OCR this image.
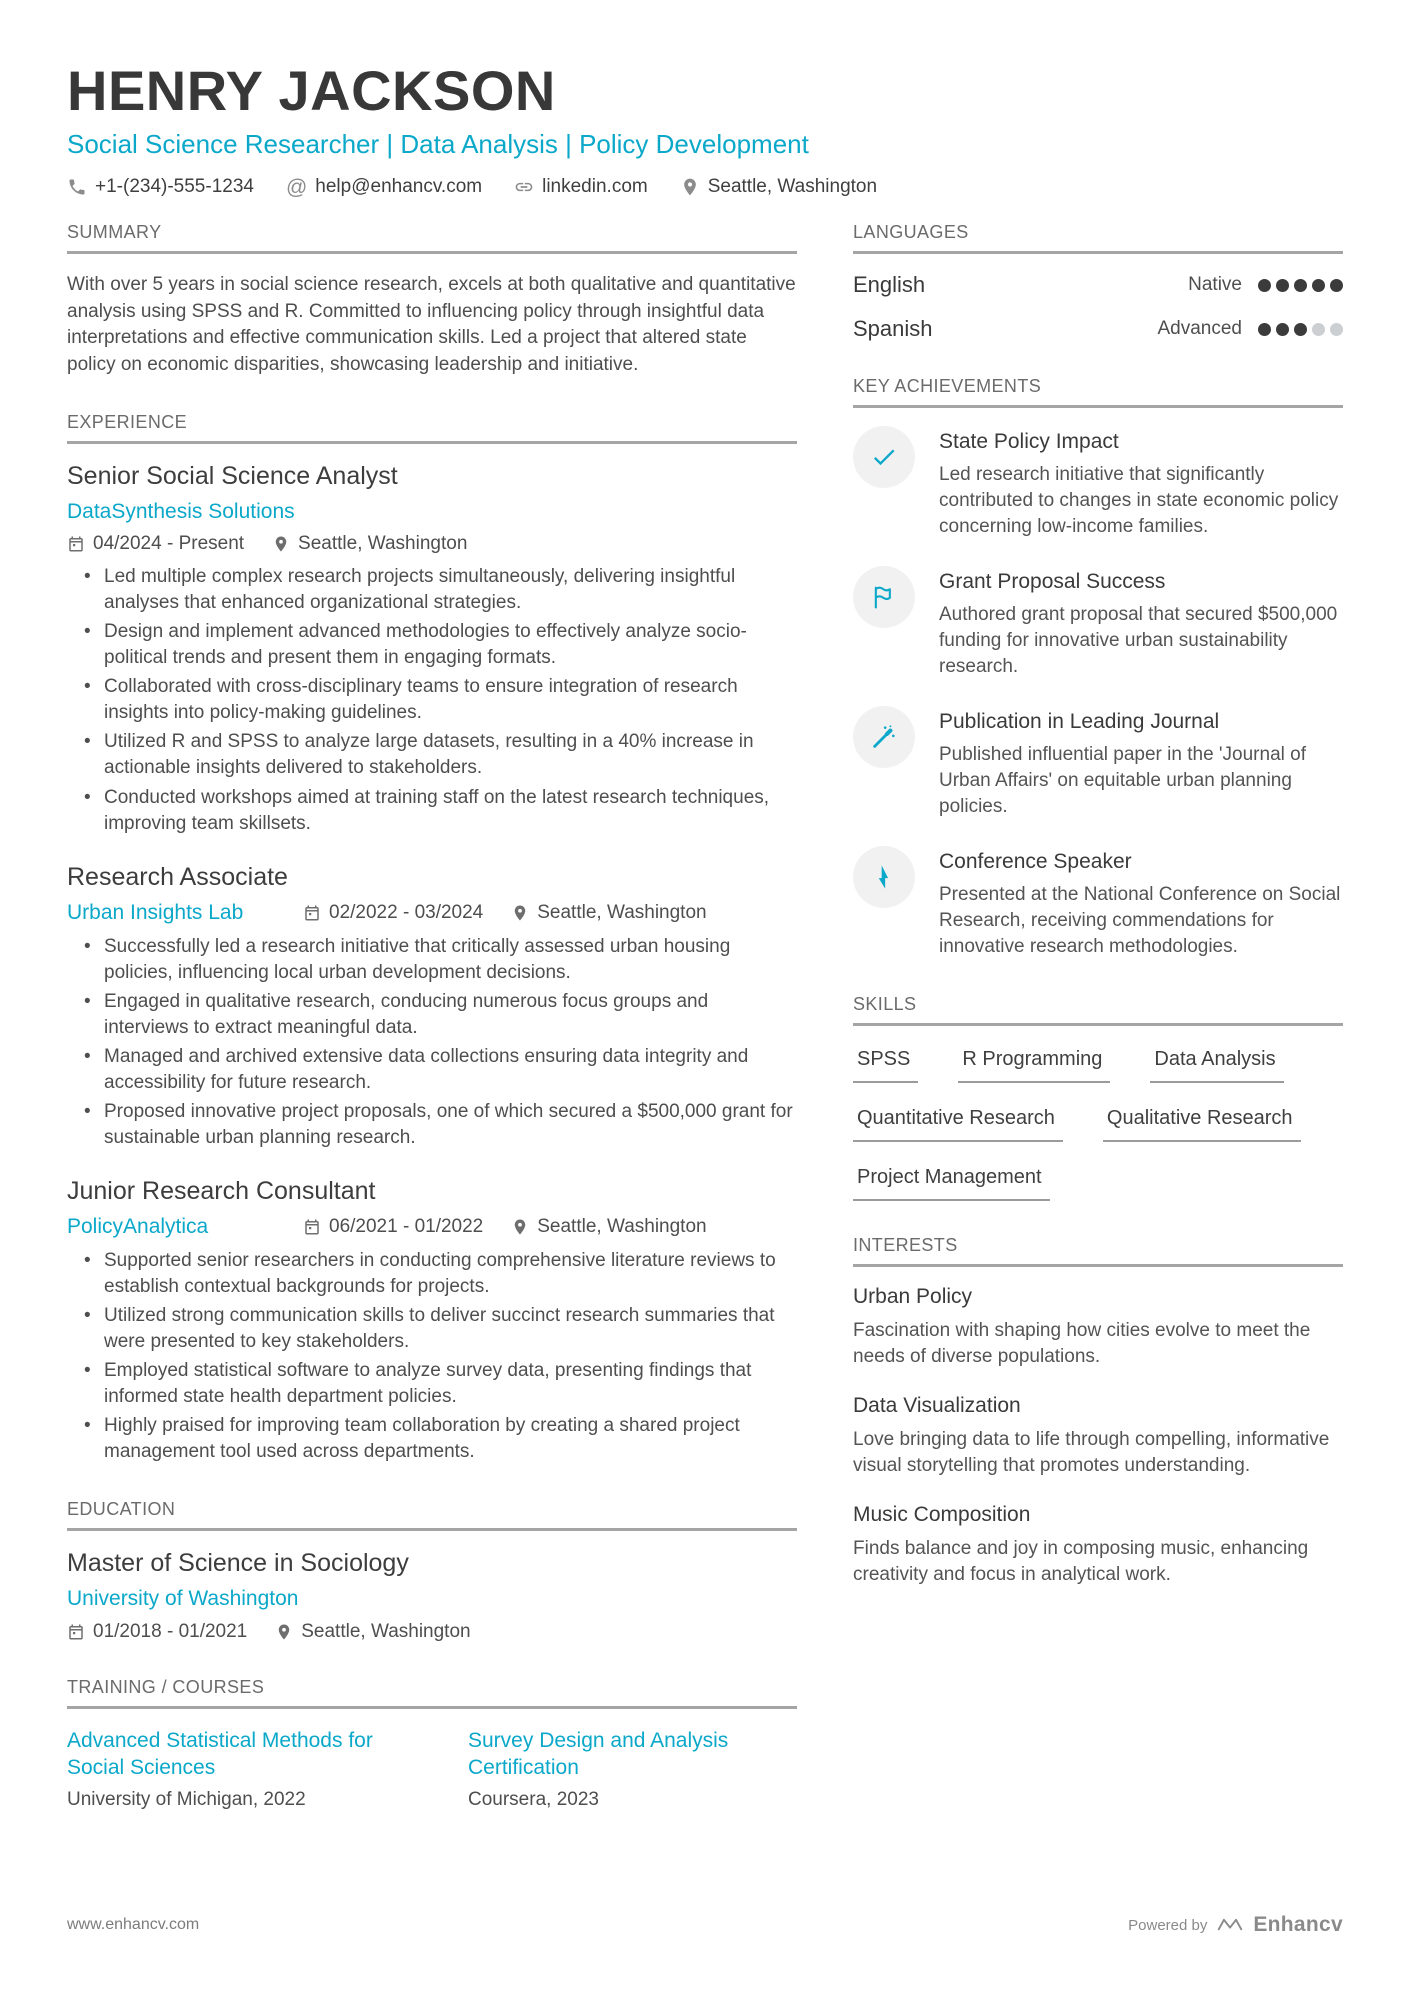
HENRY JACKSON
Social Science Researcher | Data Analysis | Policy Development
+1-(234)-555-1234 @ help@enhancv.com	linkedin.com	Seattle, Washington
SUMMARY

With over 5 years in social science research, excels at both qualitative and quantitative analysis using SPSS and R. Committed to influencing policy through insightful data interpretations and effective communication skills. Led a project that altered state policy on economic disparities, showcasing leadership and initiative.

EXPERIENCE
Senior Social Science Analyst
DataSynthesis Solutions
04/2024 - Present	Seattle, Washington
• Led multiple complex research projects simultaneously, delivering insightful analyses that enhanced organizational strategies.
• Design and implement advanced methodologies to effectively analyze socio-political trends and present them in engaging formats.
• Collaborated with cross-disciplinary teams to ensure integration of research insights into policy-making guidelines.
• Utilized R and SPSS to analyze large datasets, resulting in a 40% increase in actionable insights delivered to stakeholders.
• Conducted workshops aimed at training staff on the latest research techniques, improving team skillsets.
Research Associate
Urban Insights Lab	02/2022 - 03/2024	Seattle, Washington
• Successfully led a research initiative that critically assessed urban housing policies, influencing local urban development decisions.
• Engaged in qualitative research, conducing numerous focus groups and interviews to extract meaningful data.
• Managed and archived extensive data collections ensuring data integrity and accessibility for future research.
• Proposed innovative project proposals, one of which secured a $500,000 grant for sustainable urban planning research.
Junior Research Consultant
PolicyAnalytica	06/2021 - 01/2022	Seattle, Washington
• Supported senior researchers in conducting comprehensive literature reviews to establish contextual backgrounds for projects.
• Utilized strong communication skills to deliver succinct research summaries that were presented to key stakeholders.
• Employed statistical software to analyze survey data, presenting findings that informed state health department policies.
• Highly praised for improving team collaboration by creating a shared project management tool used across departments.
EDUCATION
Master of Science in Sociology
University of Washington
01/2018 - 01/2021	Seattle, Washington
TRAINING / COURSES
Advanced Statistical Methods for Social Sciences
University of Michigan, 2022
Survey Design and Analysis Certification
Coursera, 2023
LANGUAGES
English	Native
Spanish	Advanced
KEY ACHIEVEMENTS
State Policy Impact
Led research initiative that significantly contributed to changes in state economic policy concerning low-income families.
Grant Proposal Success
Authored grant proposal that secured $500,000 funding for innovative urban sustainability research.
Publication in Leading Journal
Published influential paper in the 'Journal of Urban Affairs' on equitable urban planning policies.
Conference Speaker
Presented at the National Conference on Social Research, receiving commendations for innovative research methodologies.
SKILLS
SPSS	R Programming	Data Analysis
Quantitative Research	Qualitative Research
Project Management
INTERESTS
Urban Policy
Fascination with shaping how cities evolve to meet the needs of diverse populations.
Data Visualization
Love bringing data to life through compelling, informative visual storytelling that promotes understanding.
Music Composition
Finds balance and joy in composing music, enhancing creativity and focus in analytical work.
www.enhancv.com	Powered by Enhancv
